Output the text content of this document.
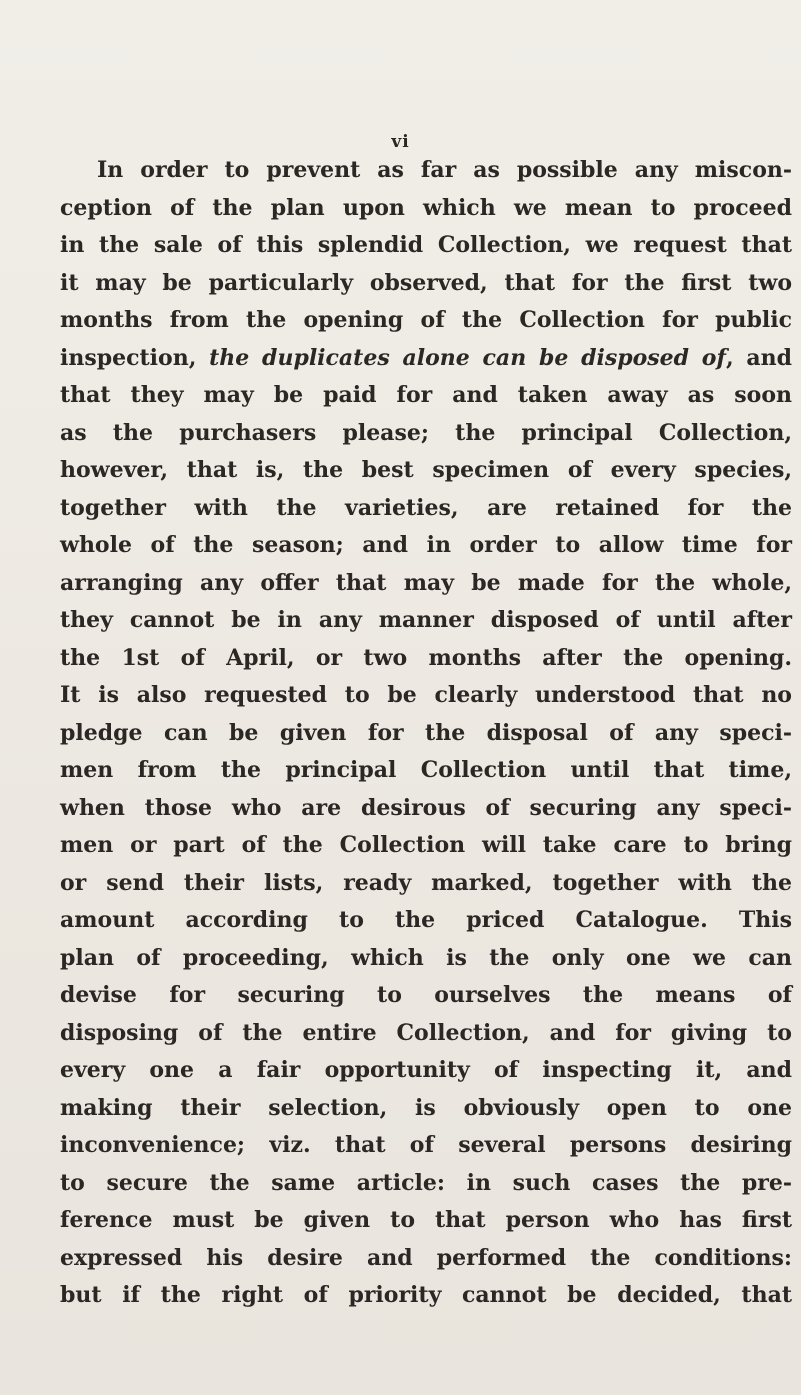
vi
In order to prevent as far as possible any miscon-
ception of the plan upon which we mean to proceed
in the sale of this splendid Collection, we request that
it may be particularly observed, that for the first two
months from the opening of the Collection for public
inspection, the duplicates alone can be disposed of, and
that they may be paid for and taken away as soon
as the purchasers please; the principal Collection,
however, that is, the best specimen of every species,
together with the varieties, are retained for the
whole of the season; and in order to allow time for
arranging any offer that may be made for the whole,
they cannot be in any manner disposed of until after
the 1st of April, or two months after the opening.
It is also requested to be clearly understood that no
pledge can be given for the disposal of any speci-
men from the principal Collection until that time,
when those who are desirous of securing any speci-
men or part of the Collection will take care to bring
or send their lists, ready marked, together with the
amount according to the priced Catalogue. This
plan of proceeding, which is the only one we can
devise for securing to ourselves the means of
disposing of the entire Collection, and for giving to
every one a fair opportunity of inspecting it, and
making their selection, is obviously open to one
inconvenience; viz. that of several persons desiring
to secure the same article: in such cases the pre-
ference must be given to that person who has first
expressed his desire and performed the conditions:
but if the right of priority cannot be decided, that
